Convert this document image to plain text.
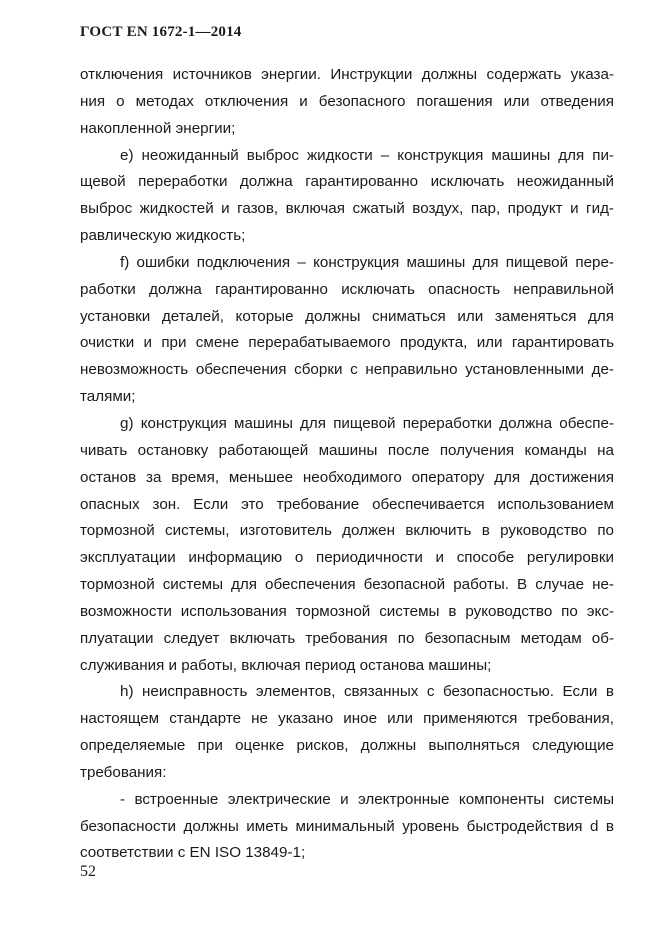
ГОСТ EN 1672-1—2014
отключения источников энергии. Инструкции должны содержать указа-
ния о методах отключения и безопасного погашения или отведения
накопленной энергии;
е) неожиданный выброс жидкости – конструкция машины для пи-
щевой переработки должна гарантированно исключать неожиданный
выброс жидкостей и газов, включая сжатый воздух, пар, продукт и гид-
равлическую жидкость;
f) ошибки подключения – конструкция машины для пищевой пере-
работки должна гарантированно исключать опасность неправильной
установки деталей, которые должны сниматься или заменяться для
очистки и при смене перерабатываемого продукта, или гарантировать
невозможность обеспечения сборки с неправильно установленными де-
талями;
g) конструкция машины для пищевой переработки должна обеспе-
чивать остановку работающей машины после получения команды на
останов за время, меньшее необходимого оператору для достижения
опасных зон. Если это требование обеспечивается использованием
тормозной системы, изготовитель должен включить в руководство по
эксплуатации информацию о периодичности и способе регулировки
тормозной системы для обеспечения безопасной работы. В случае не-
возможности использования тормозной системы в руководство по экс-
плуатации следует включать требования по безопасным методам об-
служивания и работы, включая период останова машины;
h) неисправность элементов, связанных с безопасностью. Если в
настоящем стандарте не указано иное или применяются требования,
определяемые при оценке рисков, должны выполняться следующие
требования:
- встроенные электрические и электронные компоненты системы
безопасности должны иметь минимальный уровень быстродействия d в
соответствии с EN ISO 13849-1;
52
